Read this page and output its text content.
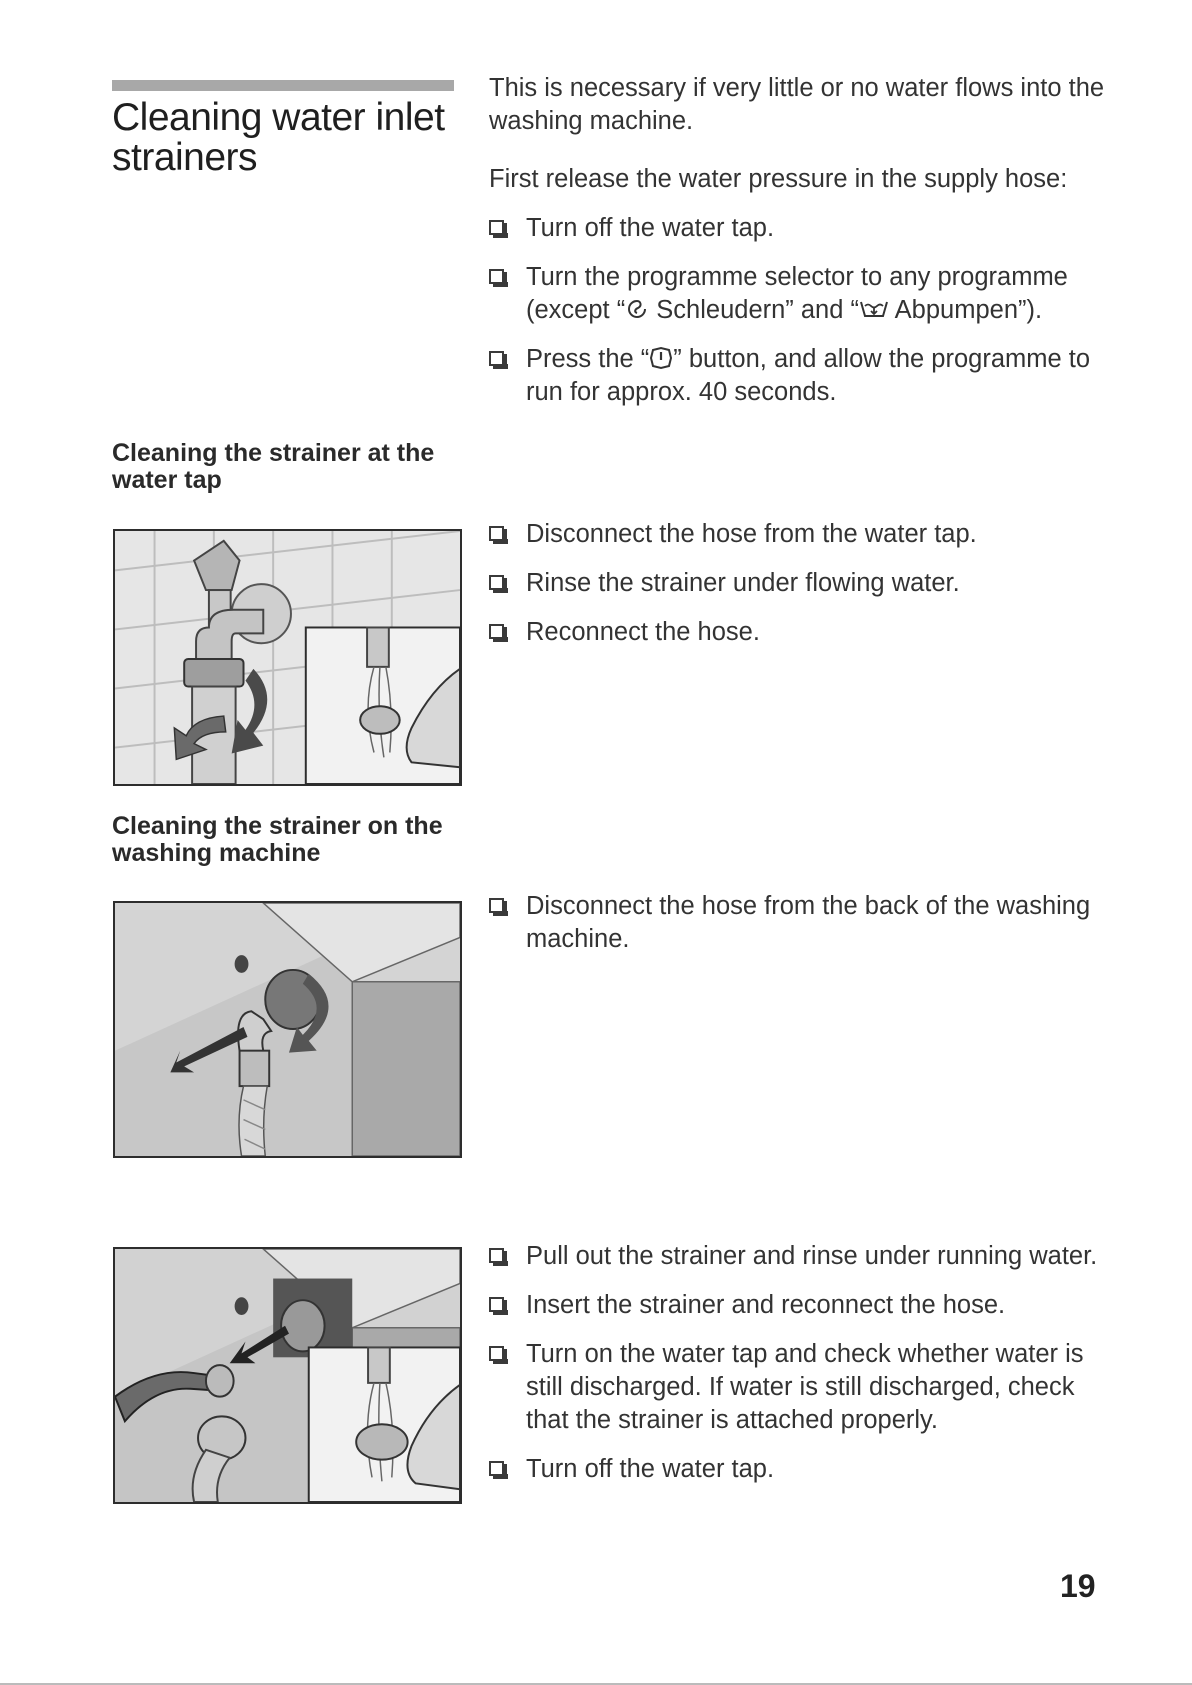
Cleaning water inlet strainers

This is necessary if very little or no water flows into the washing machine.

First release the water pressure in the supply hose:

Turn off the water tap.
Turn the programme selector to any programme (except “ Schleudern” and “ Abpumpen”).
Press the “ ” button, and allow the programme to run for approx. 40 seconds.
Cleaning the strainer at the water tap
Disconnect the hose from the water tap.
Rinse the strainer under flowing water.
Reconnect the hose.
Cleaning the strainer on the washing machine
Disconnect the hose from the back of the washing machine.
Pull out the strainer and rinse under running water.
Insert the strainer and reconnect the hose.
Turn on the water tap and check whether water is still discharged. If water is still discharged, check that the strainer is attached properly.
Turn off the water tap.
19
